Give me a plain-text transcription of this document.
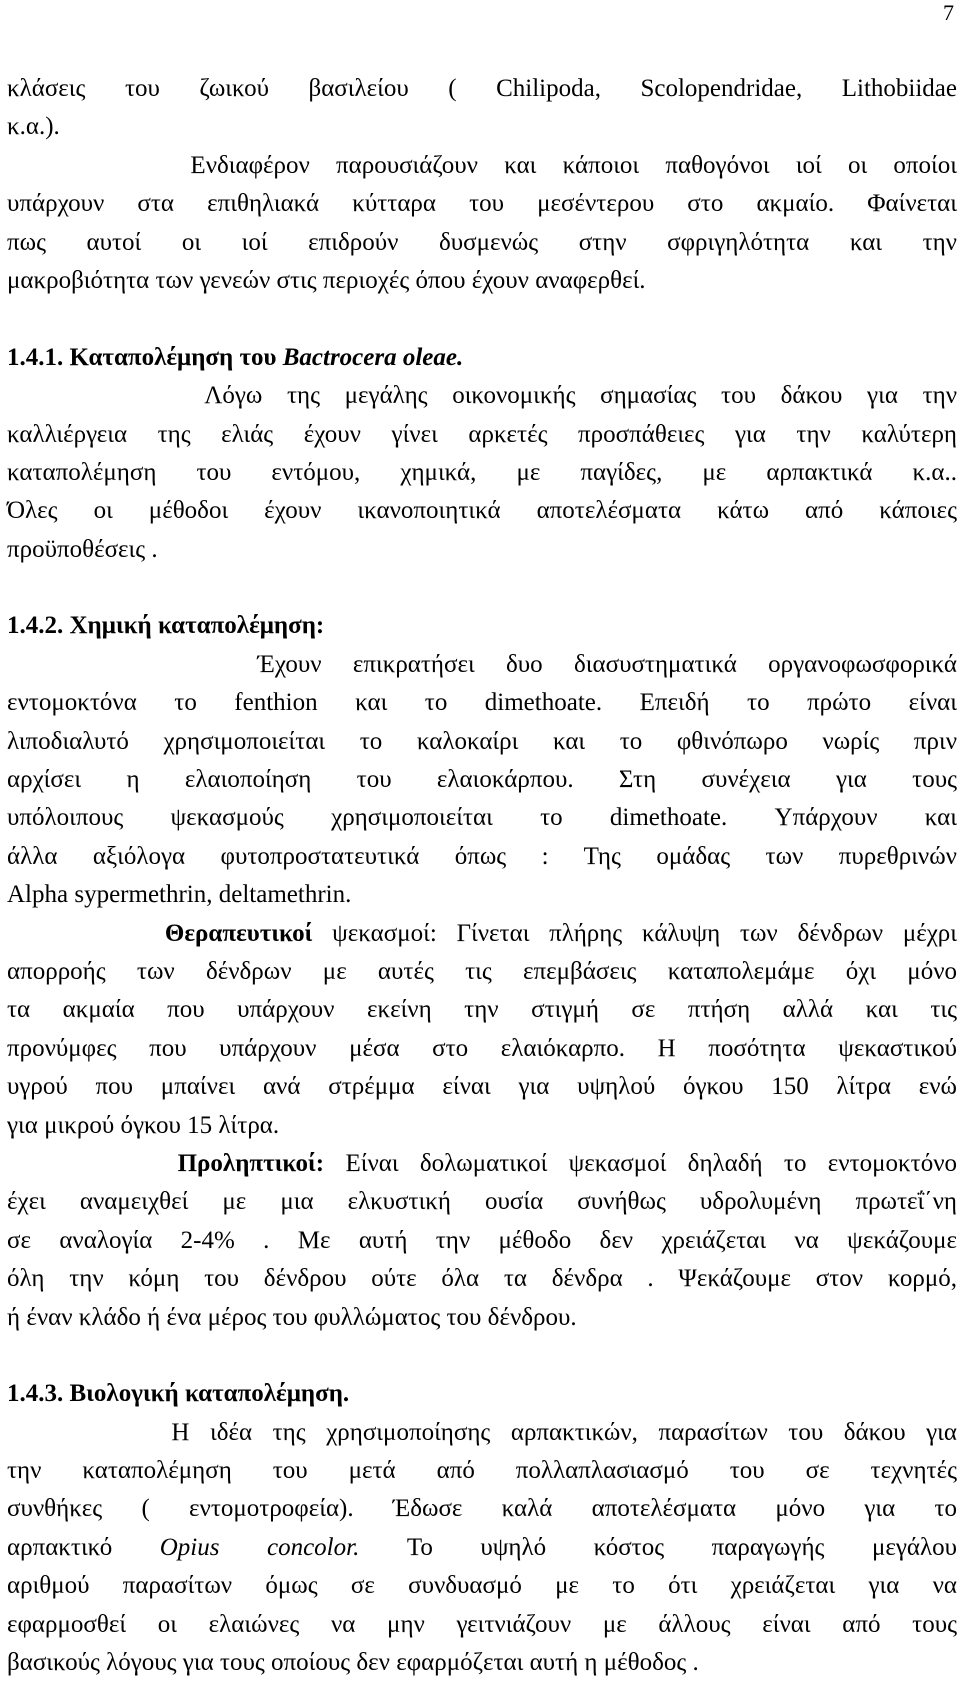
7
κλάσεις του ζωικού βασιλείου ( Chilipoda, Scolopendridae, Lithobiidae
κ.α.).
Ενδιαφέρον παρουσιάζουν και κάποιοι παθογόνοι ιοί οι οποίοι
υπάρχουν στα επιθηλιακά κύτταρα του μεσέντερου στο ακμαίο. Φαίνεται
πως αυτοί οι ιοί επιδρούν δυσμενώς στην σφριγηλότητα και την
μακροβιότητα των γενεών στις περιοχές όπου έχουν αναφερθεί.
1.4.1. Καταπολέμηση του Bactrocera oleae.
Λόγω της μεγάλης οικονομικής σημασίας του δάκου για την
καλλιέργεια της ελιάς έχουν γίνει αρκετές προσπάθειες για την καλύτερη
καταπολέμηση του εντόμου, χημικά, με παγίδες, με αρπακτικά κ.α..
Όλες οι μέθοδοι έχουν ικανοποιητικά αποτελέσματα κάτω από κάποιες
προϋποθέσεις .
1.4.2. Χημική καταπολέμηση:
Έχουν επικρατήσει δυο διασυστηματικά οργανοφωσφορικά
εντομοκτόνα το fenthion και το dimethoate. Επειδή το πρώτο είναι
λιποδιαλυτό χρησιμοποιείται το καλοκαίρι και το φθινόπωρο νωρίς πριν
αρχίσει η ελαιοποίηση του ελαιοκάρπου. Στη συνέχεια για τους
υπόλοιπους ψεκασμούς χρησιμοποιείται το dimethoate. Υπάρχουν και
άλλα αξιόλογα φυτοπροστατευτικά όπως : Της ομάδας των πυρεθρινών
Alpha sypermethrin, deltamethrin.
Θεραπευτικοί ψεκασμοί: Γίνεται πλήρης κάλυψη των δένδρων μέχρι
απορροής των δένδρων με αυτές τις επεμβάσεις καταπολεμάμε όχι μόνο
τα ακμαία που υπάρχουν εκείνη την στιγμή σε πτήση αλλά και τις
προνύμφες που υπάρχουν μέσα στο ελαιόκαρπο. Η ποσότητα ψεκαστικού
υγρού που μπαίνει ανά στρέμμα είναι για υψηλού όγκου 150 λίτρα ενώ
για μικρού όγκου 15 λίτρα.
Προληπτικοί: Είναι δολωματικοί ψεκασμοί δηλαδή το εντομοκτόνο
έχει αναμειχθεί με μια ελκυστική ουσία συνήθως υδρολυμένη πρωτεΐ΄νη
σε αναλογία 2-4% . Με αυτή την μέθοδο δεν χρειάζεται να ψεκάζουμε
όλη την κόμη του δένδρου ούτε όλα τα δένδρα . Ψεκάζουμε στον κορμό,
ή έναν κλάδο ή ένα μέρος του φυλλώματος του δένδρου.
1.4.3. Βιολογική καταπολέμηση.
Η ιδέα της χρησιμοποίησης αρπακτικών, παρασίτων του δάκου για
την καταπολέμηση του μετά από πολλαπλασιασμό του σε τεχνητές
συνθήκες ( εντομοτροφεία). Έδωσε καλά αποτελέσματα μόνο για το
αρπακτικό Opius concolor. Το υψηλό κόστος παραγωγής μεγάλου
αριθμού παρασίτων όμως σε συνδυασμό με το ότι χρειάζεται για να
εφαρμοσθεί οι ελαιώνες να μην γειτνιάζουν με άλλους είναι από τους
βασικούς λόγους για τους οποίους δεν εφαρμόζεται αυτή η μέθοδος .
